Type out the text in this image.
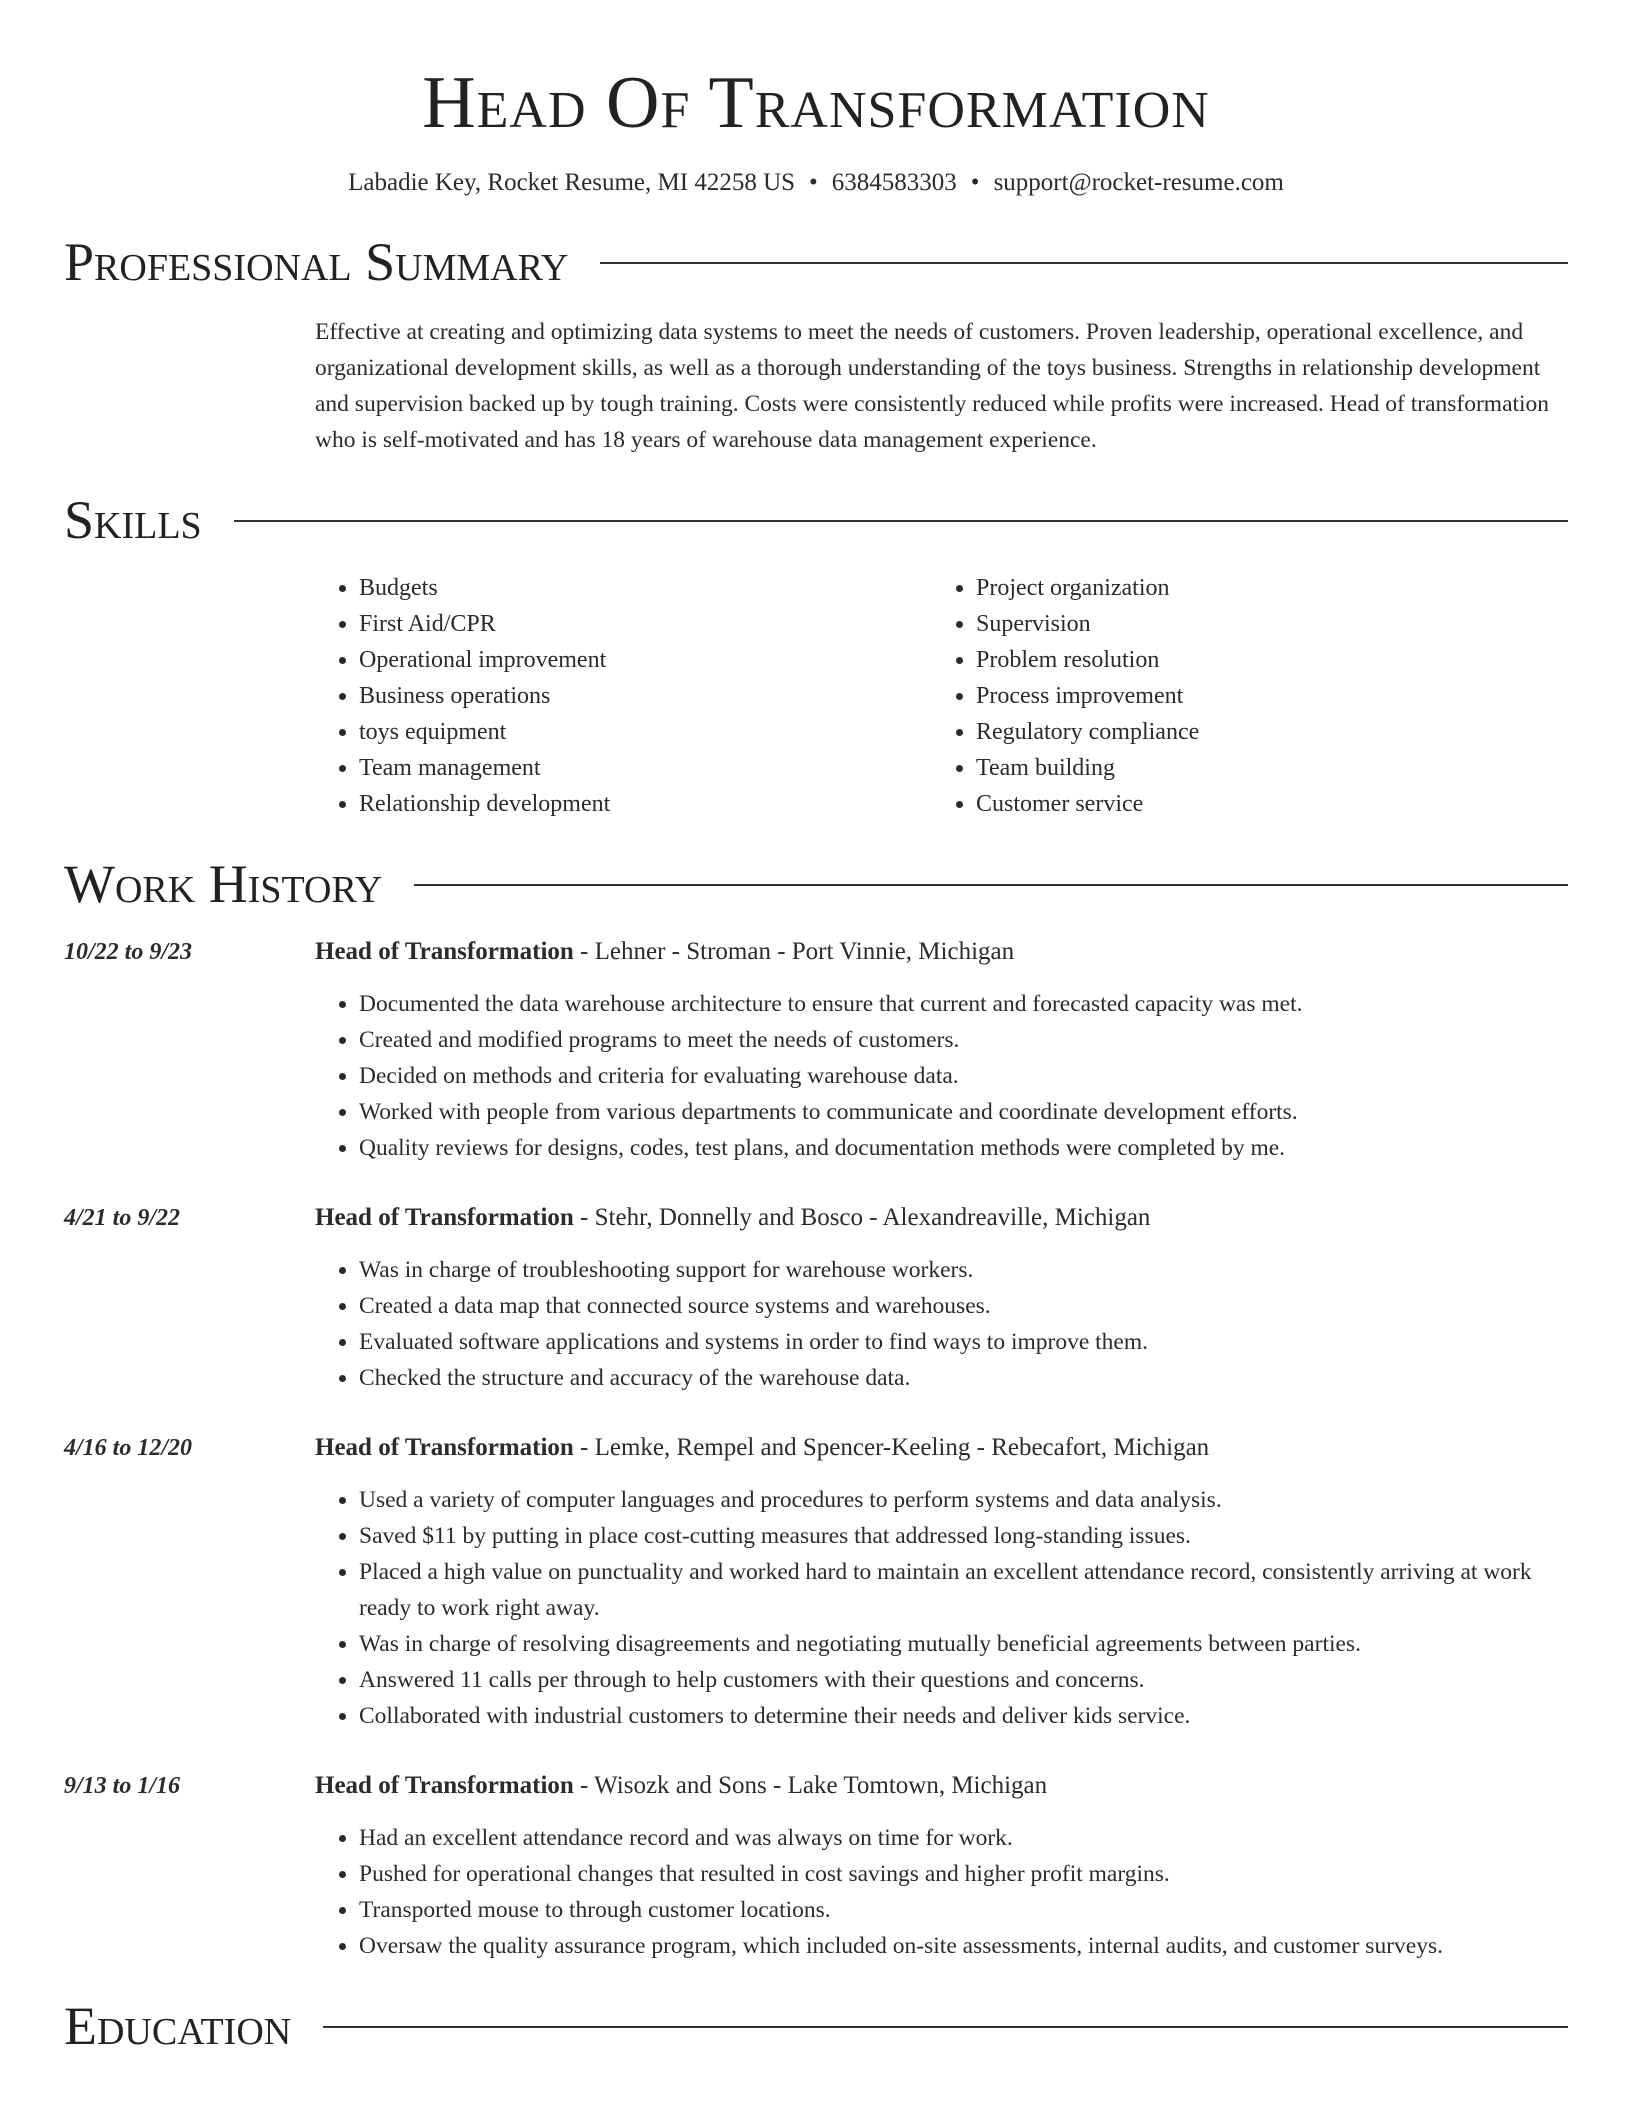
Head Of Transformation
Labadie Key, Rocket Resume, MI 42258 US • 6384583303 • support@rocket-resume.com
Professional Summary
Effective at creating and optimizing data systems to meet the needs of customers. Proven leadership, operational excellence, and organizational development skills, as well as a thorough understanding of the toys business. Strengths in relationship development and supervision backed up by tough training. Costs were consistently reduced while profits were increased. Head of transformation who is self-motivated and has 18 years of warehouse data management experience.
Skills
• Budgets
• First Aid/CPR
• Operational improvement
• Business operations
• toys equipment
• Team management
• Relationship development
• Project organization
• Supervision
• Problem resolution
• Process improvement
• Regulatory compliance
• Team building
• Customer service
Work History
10/22 to 9/23	Head of Transformation - Lehner - Stroman - Port Vinnie, Michigan
• Documented the data warehouse architecture to ensure that current and forecasted capacity was met.
• Created and modified programs to meet the needs of customers.
• Decided on methods and criteria for evaluating warehouse data.
• Worked with people from various departments to communicate and coordinate development efforts.
• Quality reviews for designs, codes, test plans, and documentation methods were completed by me.
4/21 to 9/22	Head of Transformation - Stehr, Donnelly and Bosco - Alexandreaville, Michigan
• Was in charge of troubleshooting support for warehouse workers.
• Created a data map that connected source systems and warehouses.
• Evaluated software applications and systems in order to find ways to improve them.
• Checked the structure and accuracy of the warehouse data.
4/16 to 12/20	Head of Transformation - Lemke, Rempel and Spencer-Keeling - Rebecafort, Michigan
• Used a variety of computer languages and procedures to perform systems and data analysis.
• Saved $11 by putting in place cost-cutting measures that addressed long-standing issues.
• Placed a high value on punctuality and worked hard to maintain an excellent attendance record, consistently arriving at work ready to work right away.
• Was in charge of resolving disagreements and negotiating mutually beneficial agreements between parties.
• Answered 11 calls per through to help customers with their questions and concerns.
• Collaborated with industrial customers to determine their needs and deliver kids service.
9/13 to 1/16	Head of Transformation - Wisozk and Sons - Lake Tomtown, Michigan
• Had an excellent attendance record and was always on time for work.
• Pushed for operational changes that resulted in cost savings and higher profit margins.
• Transported mouse to through customer locations.
• Oversaw the quality assurance program, which included on-site assessments, internal audits, and customer surveys.
Education
